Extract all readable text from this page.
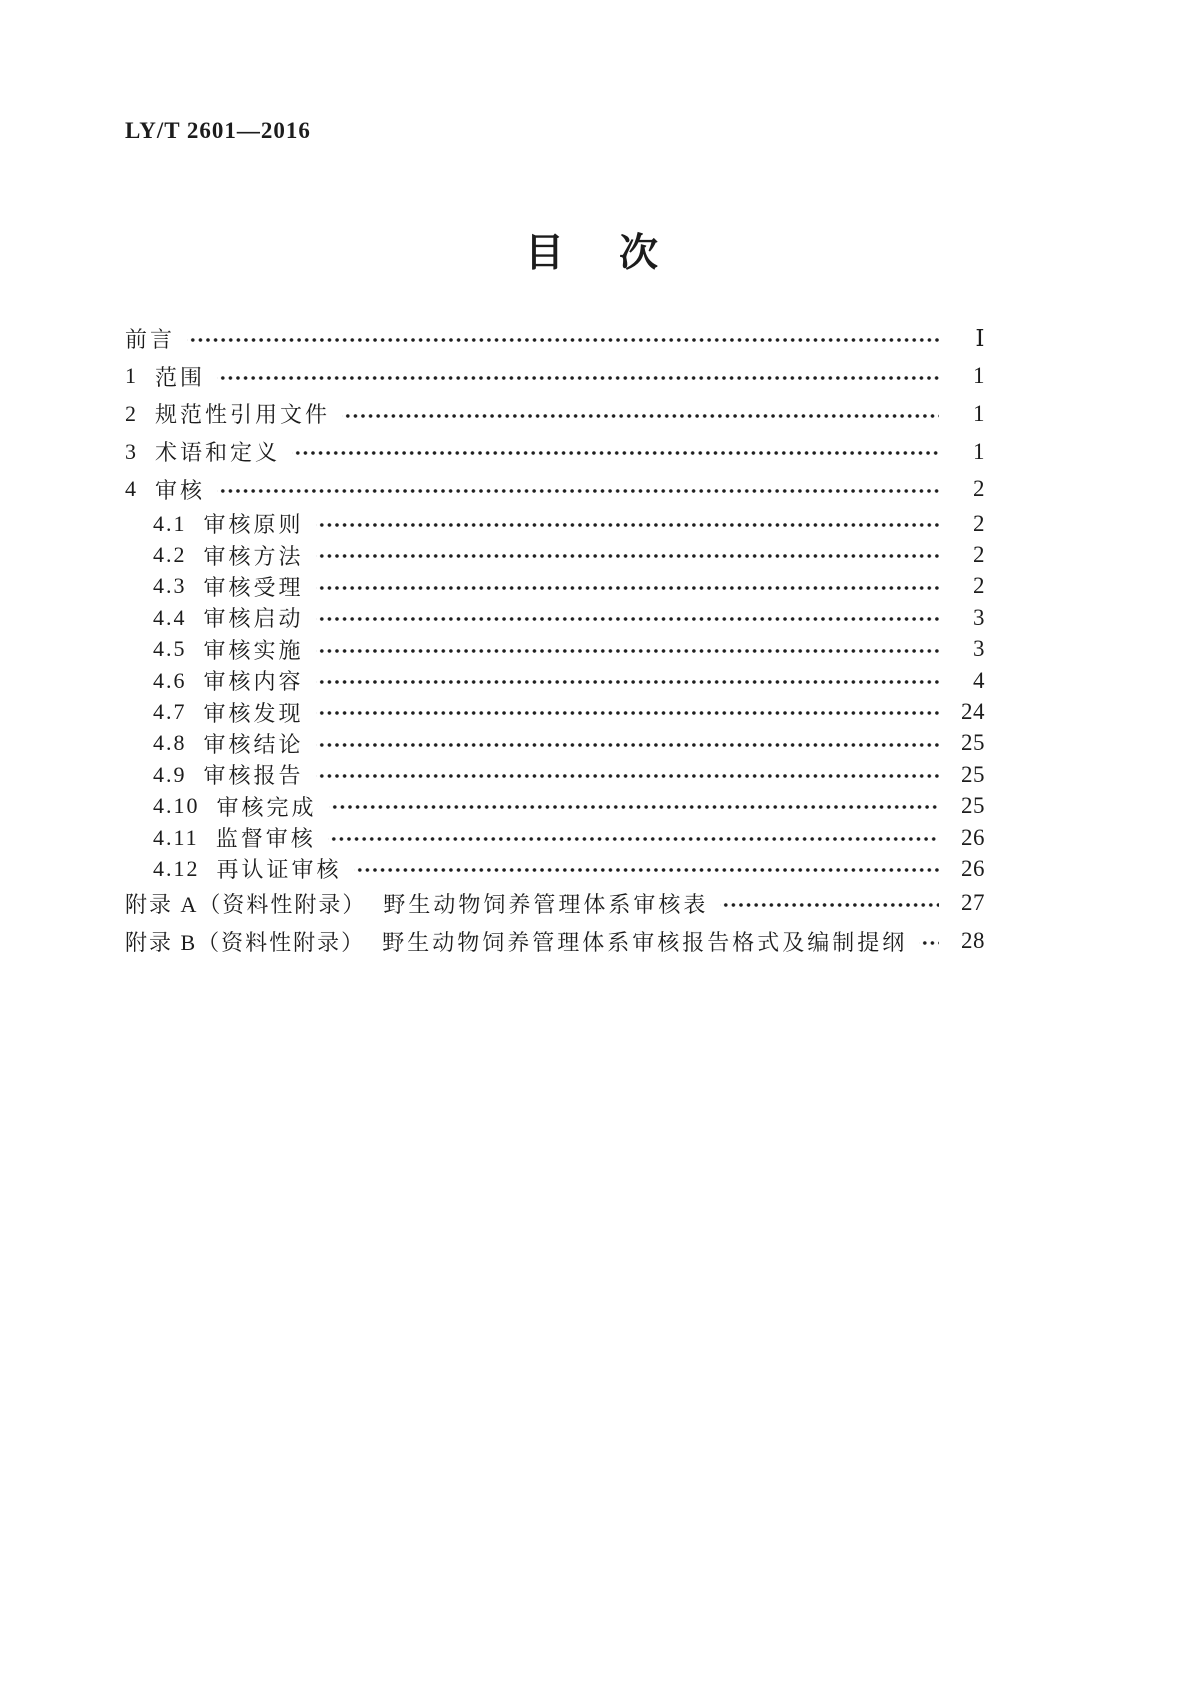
LY/T 2601—2016
目　次
前言	Ⅰ
1 范围	1
2 规范性引用文件	1
3 术语和定义	1
4 审核	2
4.1 审核原则	2
4.2 审核方法	2
4.3 审核受理	2
4.4 审核启动	3
4.5 审核实施	3
4.6 审核内容	4
4.7 审核发现	24
4.8 审核结论	25
4.9 审核报告	25
4.10 审核完成	25
4.11 监督审核	26
4.12 再认证审核	26
附录 A（资料性附录） 野生动物饲养管理体系审核表	27
附录 B（资料性附录） 野生动物饲养管理体系审核报告格式及编制提纲	28
